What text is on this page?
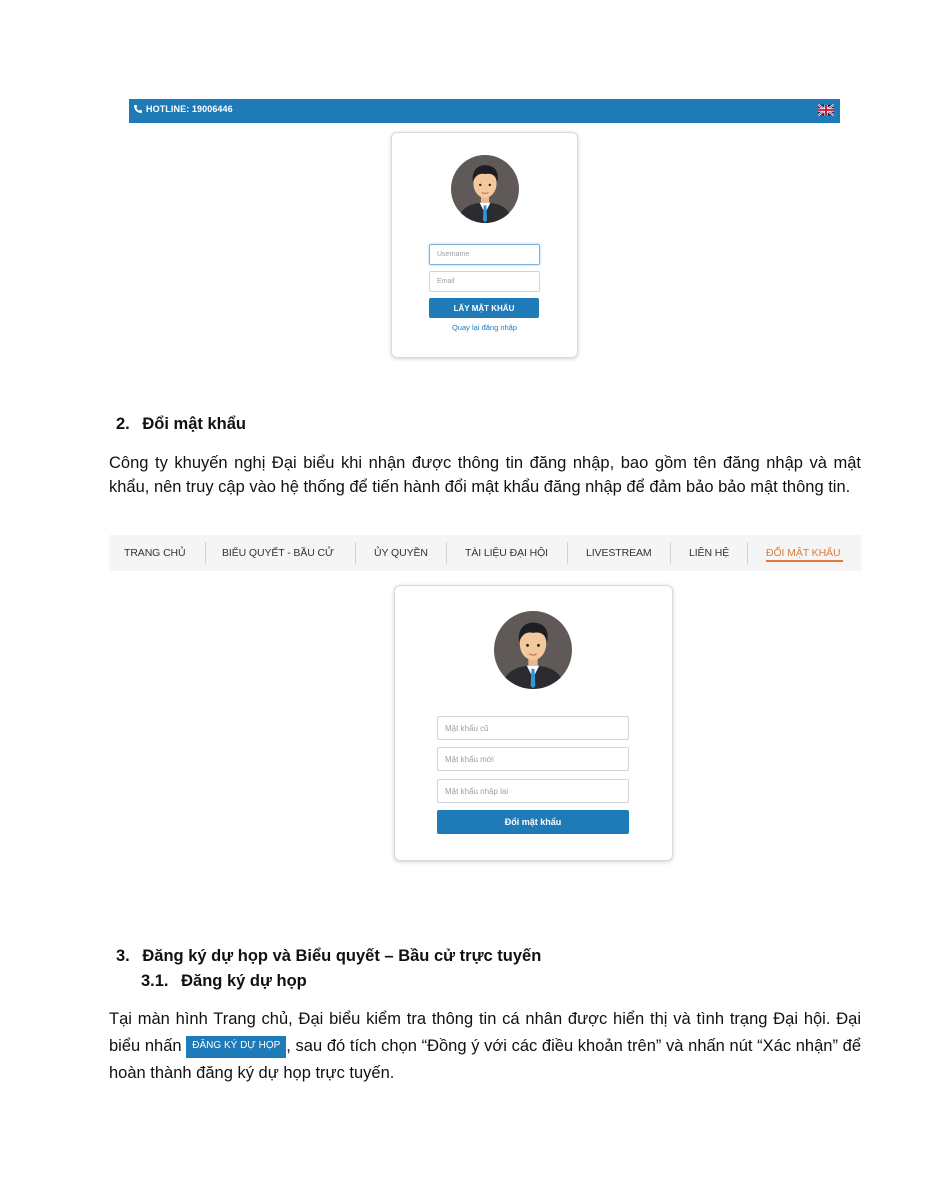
HOTLINE: 19006446
Username
Email
LẤY MẬT KHẨU
Quay lại đăng nhập
2. Đổi mật khẩu
Công ty khuyến nghị Đại biểu khi nhận được thông tin đăng nhập, bao gồm tên đăng nhập và mật khẩu, nên truy cập vào hệ thống để tiến hành đổi mật khẩu đăng nhập để đảm bảo bảo mật thông tin.
TRANG CHỦ	BIỂU QUYẾT - BẦU CỬ	ỦY QUYỀN	TÀI LIỆU ĐẠI HỘI	LIVESTREAM	LIÊN HỆ	ĐỔI MẬT KHẨU
Mật khẩu cũ
Mật khẩu mới
Mật khẩu nhập lại
Đổi mật khẩu
3. Đăng ký dự họp và Biểu quyết – Bầu cử trực tuyến
3.1. Đăng ký dự họp
Tại màn hình Trang chủ, Đại biểu kiểm tra thông tin cá nhân được hiển thị và tình trạng Đại hội. Đại biểu nhấn ĐĂNG KÝ DỰ HỌP , sau đó tích chọn “Đồng ý với các điều khoản trên” và nhấn nút “Xác nhận” để hoàn thành đăng ký dự họp trực tuyến.
